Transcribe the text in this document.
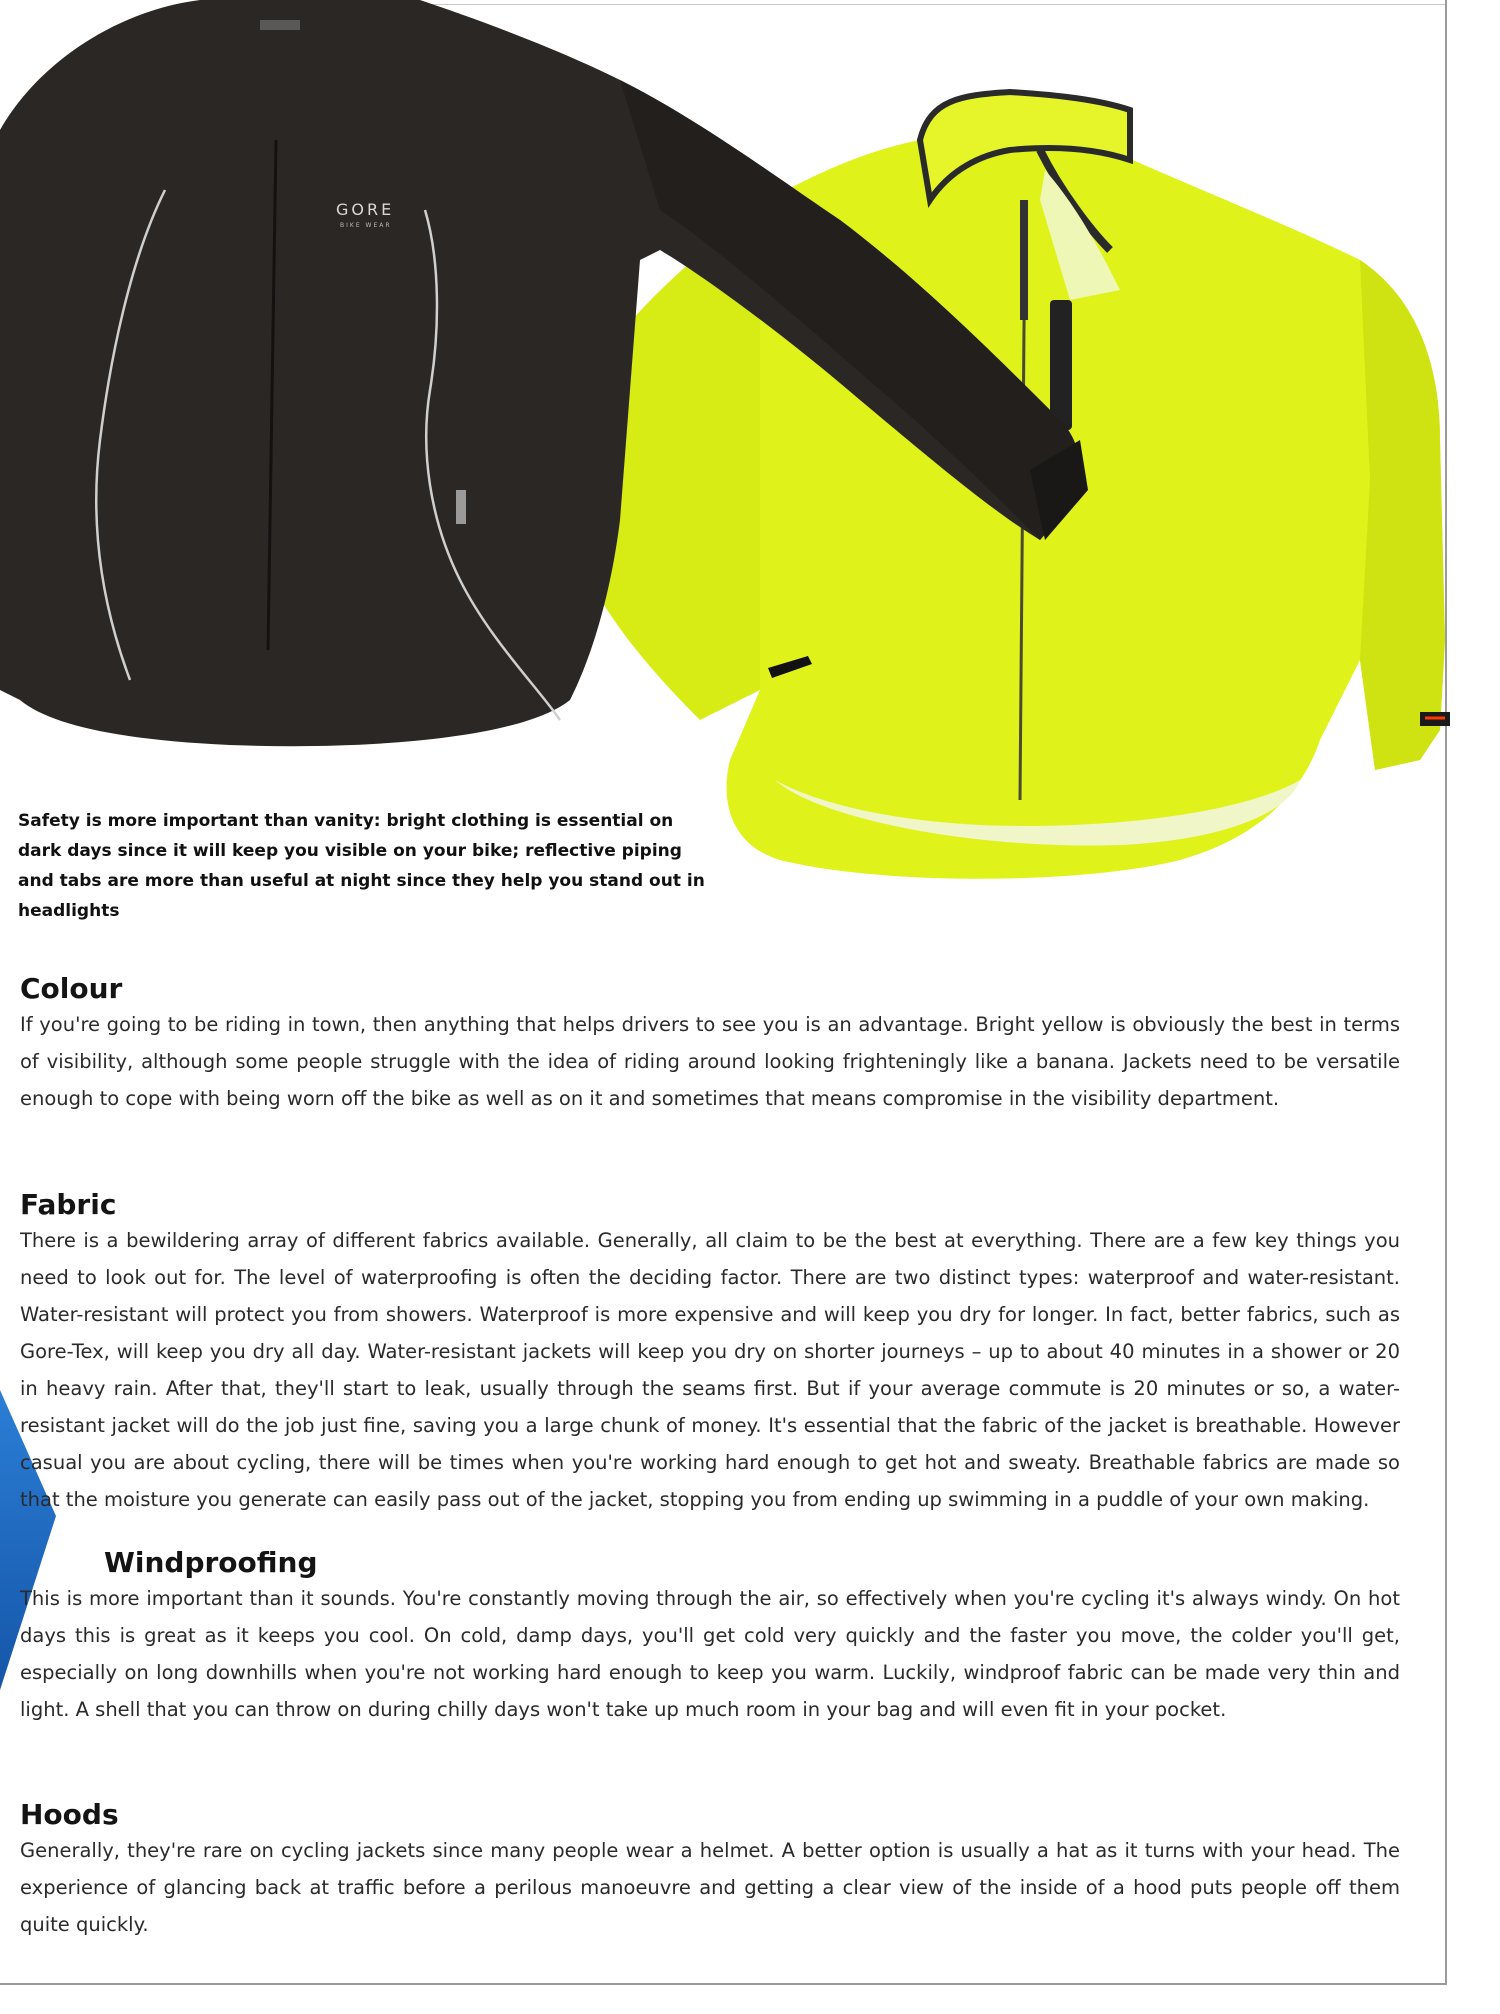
GORE
BIKE WEAR
Safety is more important than vanity: bright clothing is essential on dark days since it will keep you visible on your bike; reflective piping and tabs are more than useful at night since they help you stand out in headlights
Colour

If you're going to be riding in town, then anything that helps drivers to see you is an advantage. Bright yellow is obviously the best in terms of visibility, although some people struggle with the idea of riding around looking frighteningly like a banana. Jackets need to be versatile enough to cope with being worn off the bike as well as on it and sometimes that means compromise in the visibility department.

Fabric

There is a bewildering array of different fabrics available. Generally, all claim to be the best at everything. There are a few key things you need to look out for. The level of waterproofing is often the deciding factor. There are two distinct types: waterproof and water-resistant. Water-resistant will protect you from showers. Waterproof is more expensive and will keep you dry for longer. In fact, better fabrics, such as Gore-Tex, will keep you dry all day. Water-resistant jackets will keep you dry on shorter journeys – up to about 40 minutes in a shower or 20 in heavy rain. After that, they'll start to leak, usually through the seams first. But if your average commute is 20 minutes or so, a water-resistant jacket will do the job just fine, saving you a large chunk of money. It's essential that the fabric of the jacket is breathable. However casual you are about cycling, there will be times when you're working hard enough to get hot and sweaty. Breathable fabrics are made so that the moisture you generate can easily pass out of the jacket, stopping you from ending up swimming in a puddle of your own making.

Windproofing

This is more important than it sounds. You're constantly moving through the air, so effectively when you're cycling it's always windy. On hot days this is great as it keeps you cool. On cold, damp days, you'll get cold very quickly and the faster you move, the colder you'll get, especially on long downhills when you're not working hard enough to keep you warm. Luckily, windproof fabric can be made very thin and light. A shell that you can throw on during chilly days won't take up much room in your bag and will even fit in your pocket.

Hoods

Generally, they're rare on cycling jackets since many people wear a helmet. A better option is usually a hat as it turns with your head. The experience of glancing back at traffic before a perilous manoeuvre and getting a clear view of the inside of a hood puts people off them quite quickly.
